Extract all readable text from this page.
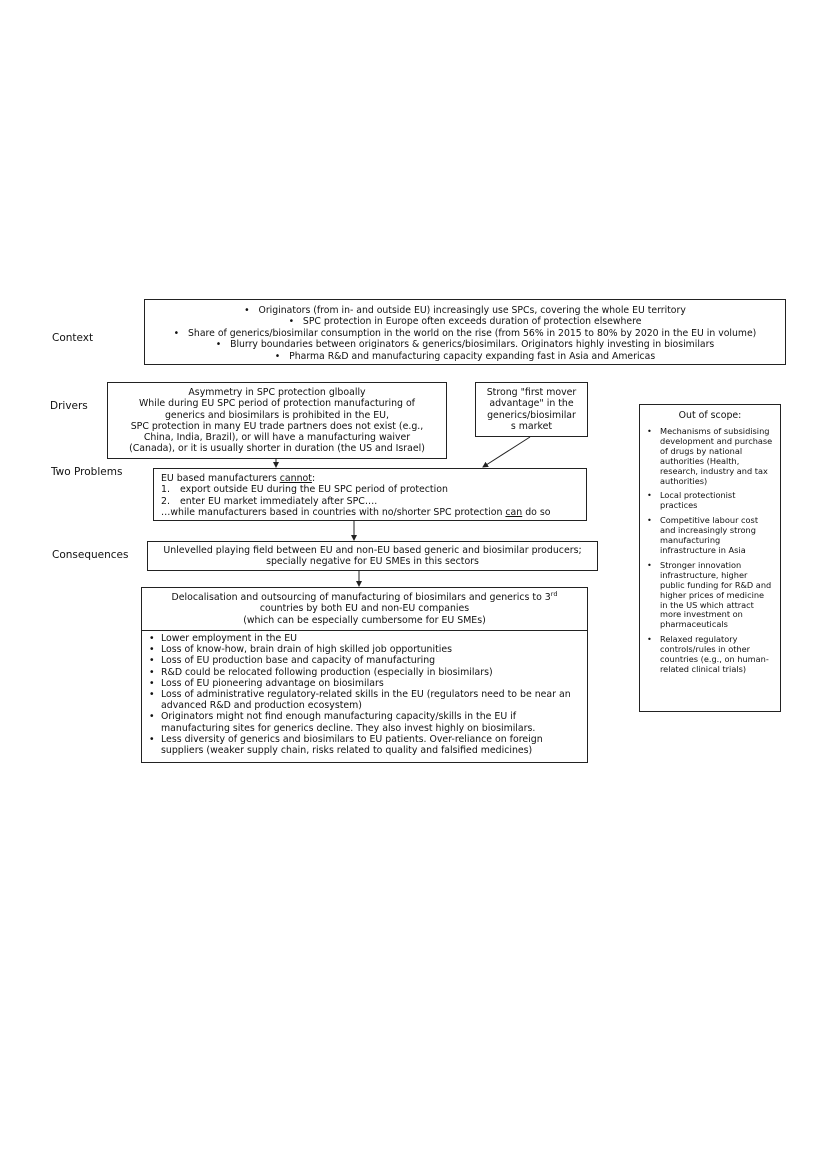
Context
Drivers
Two Problems
Consequences
•   Originators (from in- and outside EU) increasingly use SPCs, covering the whole EU territory
•   SPC protection in Europe often exceeds duration of protection elsewhere
•   Share of generics/biosimilar consumption in the world on the rise (from 56% in 2015 to 80% by 2020 in the EU in volume)
•   Blurry boundaries between originators & generics/biosimilars. Originators highly investing in biosimilars
•   Pharma R&D and manufacturing capacity expanding fast in Asia and Americas
Asymmetry in SPC protection glboally
While during EU SPC period of protection manufacturing of
generics and biosimilars is prohibited in the EU,
SPC protection in many EU trade partners does not exist (e.g.,
China, India, Brazil), or will have a manufacturing waiver
(Canada), or it is usually shorter in duration (the US and Israel)
Strong "first mover
advantage" in the
generics/biosimilar
s market
EU based manufacturers cannot:
1. export outside EU during the EU SPC period of protection
2. enter EU market immediately after SPC….
…while manufacturers based in countries with no/shorter SPC protection can do so
Unlevelled playing field between EU and non-EU based generic and biosimilar producers;
specially negative for EU SMEs in this sectors
Delocalisation and outsourcing of manufacturing of biosimilars and generics to 3rd
countries by both EU and non-EU companies
(which can be especially cumbersome for EU SMEs)
• Lower employment in the EU
• Loss of know-how, brain drain of high skilled job opportunities
• Loss of EU production base and capacity of manufacturing
• R&D could be relocated following production (especially in biosimilars)
• Loss of EU pioneering advantage on biosimilars
• Loss of administrative regulatory-related skills in the EU (regulators need to be near an advanced R&D and production ecosystem)
• Originators might not find enough manufacturing capacity/skills in the EU if manufacturing sites for generics decline. They also invest highly on biosimilars.
• Less diversity of generics and biosimilars to EU patients. Over-reliance on foreign suppliers (weaker supply chain, risks related to quality and falsified medicines)
Out of scope:
• Mechanisms of subsidising development and purchase of drugs by national authorities (Health, research, industry and tax authorities)
• Local protectionist practices
• Competitive labour cost and increasingly strong manufacturing infrastructure in Asia
• Stronger innovation infrastructure, higher public funding for R&D and higher prices of medicine in the US which attract more investment on pharmaceuticals
• Relaxed regulatory controls/rules in other countries (e.g., on human-related clinical trials)
